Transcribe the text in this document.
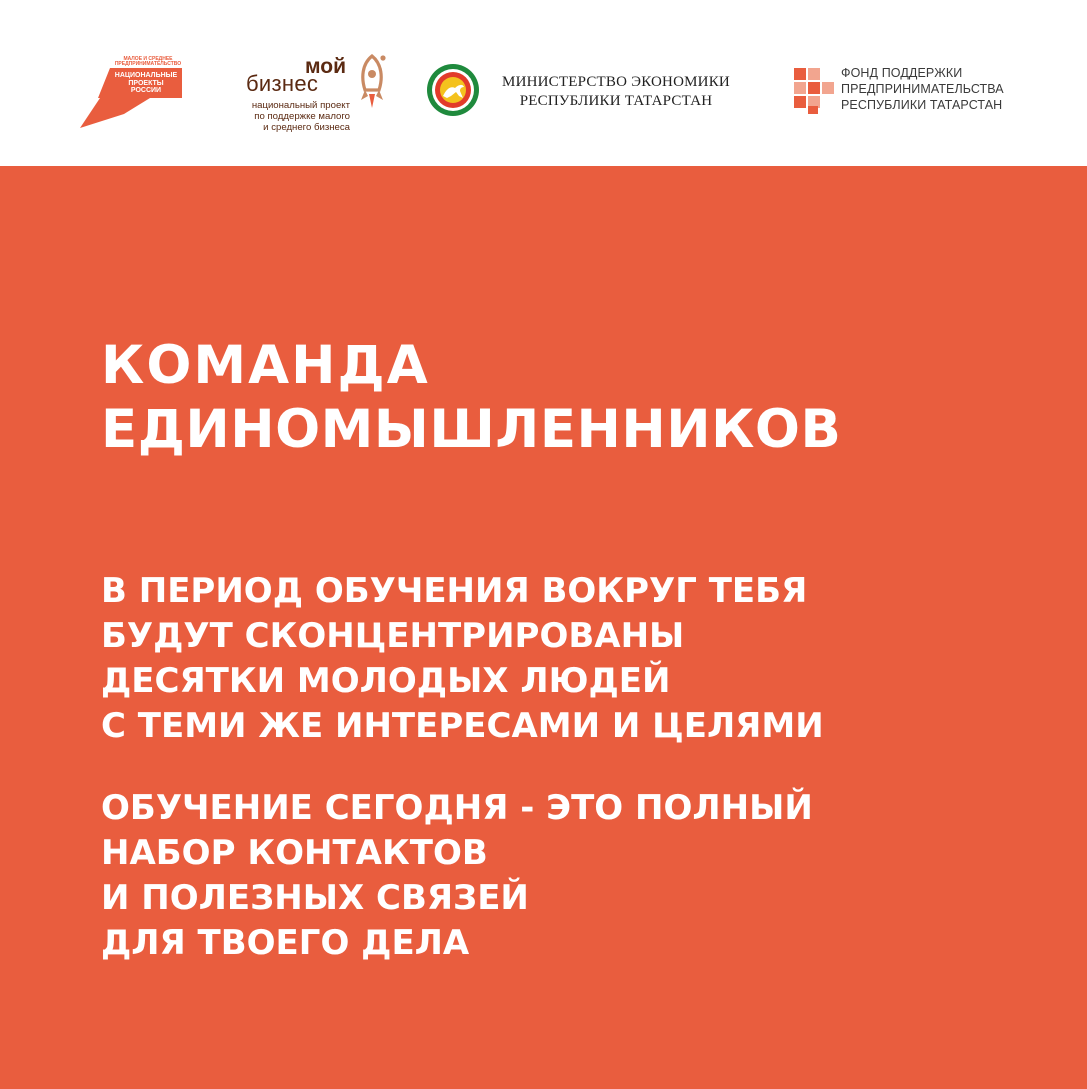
МАЛОЕ И СРЕДНЕЕ
ПРЕДПРИНИМАТЕЛЬСТВО
НАЦИОНАЛЬНЫЕ
ПРОЕКТЫ
РОССИИ
мой
бизнес
национальный проект
по поддержке малого
и среднего бизнеса
МИНИСТЕРСТВО ЭКОНОМИКИ
РЕСПУБЛИКИ ТАТАРСТАН
ФОНД ПОДДЕРЖКИ
ПРЕДПРИНИМАТЕЛЬСТВА
РЕСПУБЛИКИ ТАТАРСТАН
КОМАНДА
ЕДИНОМЫШЛЕННИКОВ
В ПЕРИОД ОБУЧЕНИЯ ВОКРУГ ТЕБЯ
БУДУТ СКОНЦЕНТРИРОВАНЫ
ДЕСЯТКИ МОЛОДЫХ ЛЮДЕЙ
С ТЕМИ ЖЕ ИНТЕРЕСАМИ И ЦЕЛЯМИ
ОБУЧЕНИЕ СЕГОДНЯ - ЭТО ПОЛНЫЙ
НАБОР КОНТАКТОВ
И ПОЛЕЗНЫХ СВЯЗЕЙ
ДЛЯ ТВОЕГО ДЕЛА
